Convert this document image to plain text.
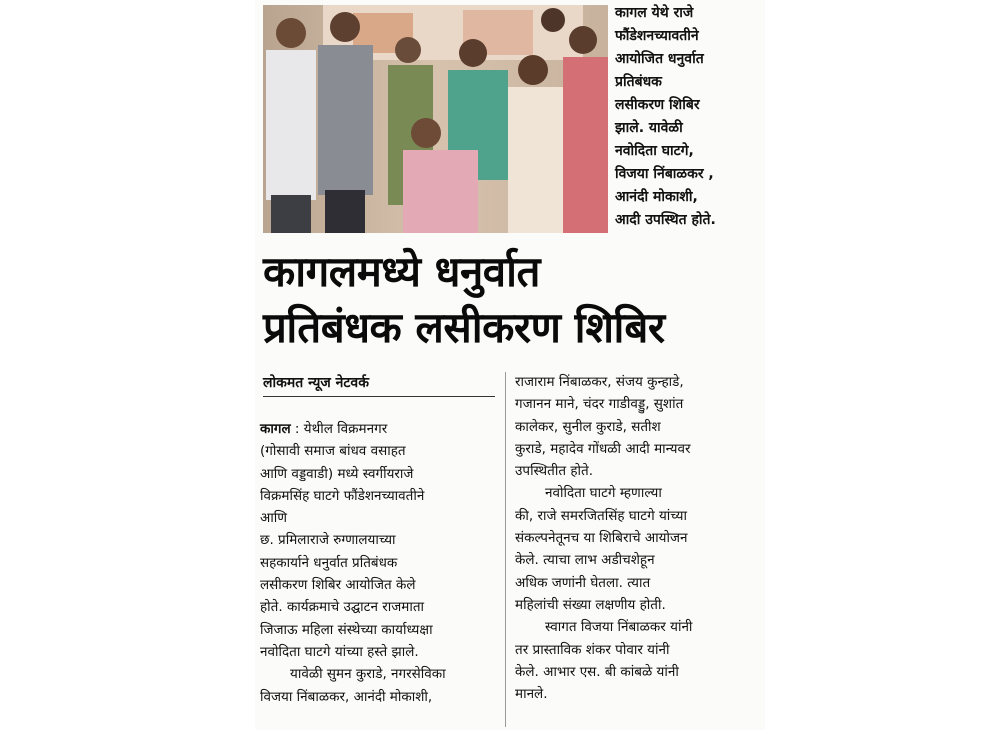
कागल येथे राजे
फौंडेशनच्यावतीने
आयोजित धनुर्वात
प्रतिबंधक
लसीकरण शिबिर
झाले. यावेळी
नवोदिता घाटगे,
विजया निंबाळकर ,
आनंदी मोकाशी,
आदी उपस्थित होते.
कागलमध्ये धनुर्वात
प्रतिबंधक लसीकरण शिबिर
लोकमत न्यूज नेटवर्क
कागल : येथील विक्रमनगर
(गोसावी समाज बांधव वसाहत
आणि वड्डवाडी) मध्ये स्वर्गीयराजे
विक्रमसिंह घाटगे फौंडेशनच्यावतीने
आणि
छ. प्रमिलाराजे रुग्णालयाच्या
सहकार्याने धनुर्वात प्रतिबंधक
लसीकरण शिबिर आयोजित केले
होते. कार्यक्रमाचे उद्घाटन राजमाता
जिजाऊ महिला संस्थेच्या कार्याध्यक्षा
नवोदिता घाटगे यांच्या हस्ते झाले.
यावेळी सुमन कुराडे, नगरसेविका
विजया निंबाळकर, आनंदी मोकाशी,
राजाराम निंबाळकर, संजय कुन्हाडे,
गजानन माने, चंदर गाडीवड्डु, सुशांत
कालेकर, सुनील कुराडे, सतीश
कुराडे, महादेव गोंधळी आदी मान्यवर
उपस्थितीत होते.
नवोदिता घाटगे म्हणाल्या
की, राजे समरजितसिंह घाटगे यांच्या
संकल्पनेतूनच या शिबिराचे आयोजन
केले. त्याचा लाभ अडीचशेहून
अधिक जणांनी घेतला. त्यात
महिलांची संख्या लक्षणीय होती.
स्वागत विजया निंबाळकर यांनी
तर प्रास्ताविक शंकर पोवार यांनी
केले. आभार एस. बी कांबळे यांनी
मानले.
